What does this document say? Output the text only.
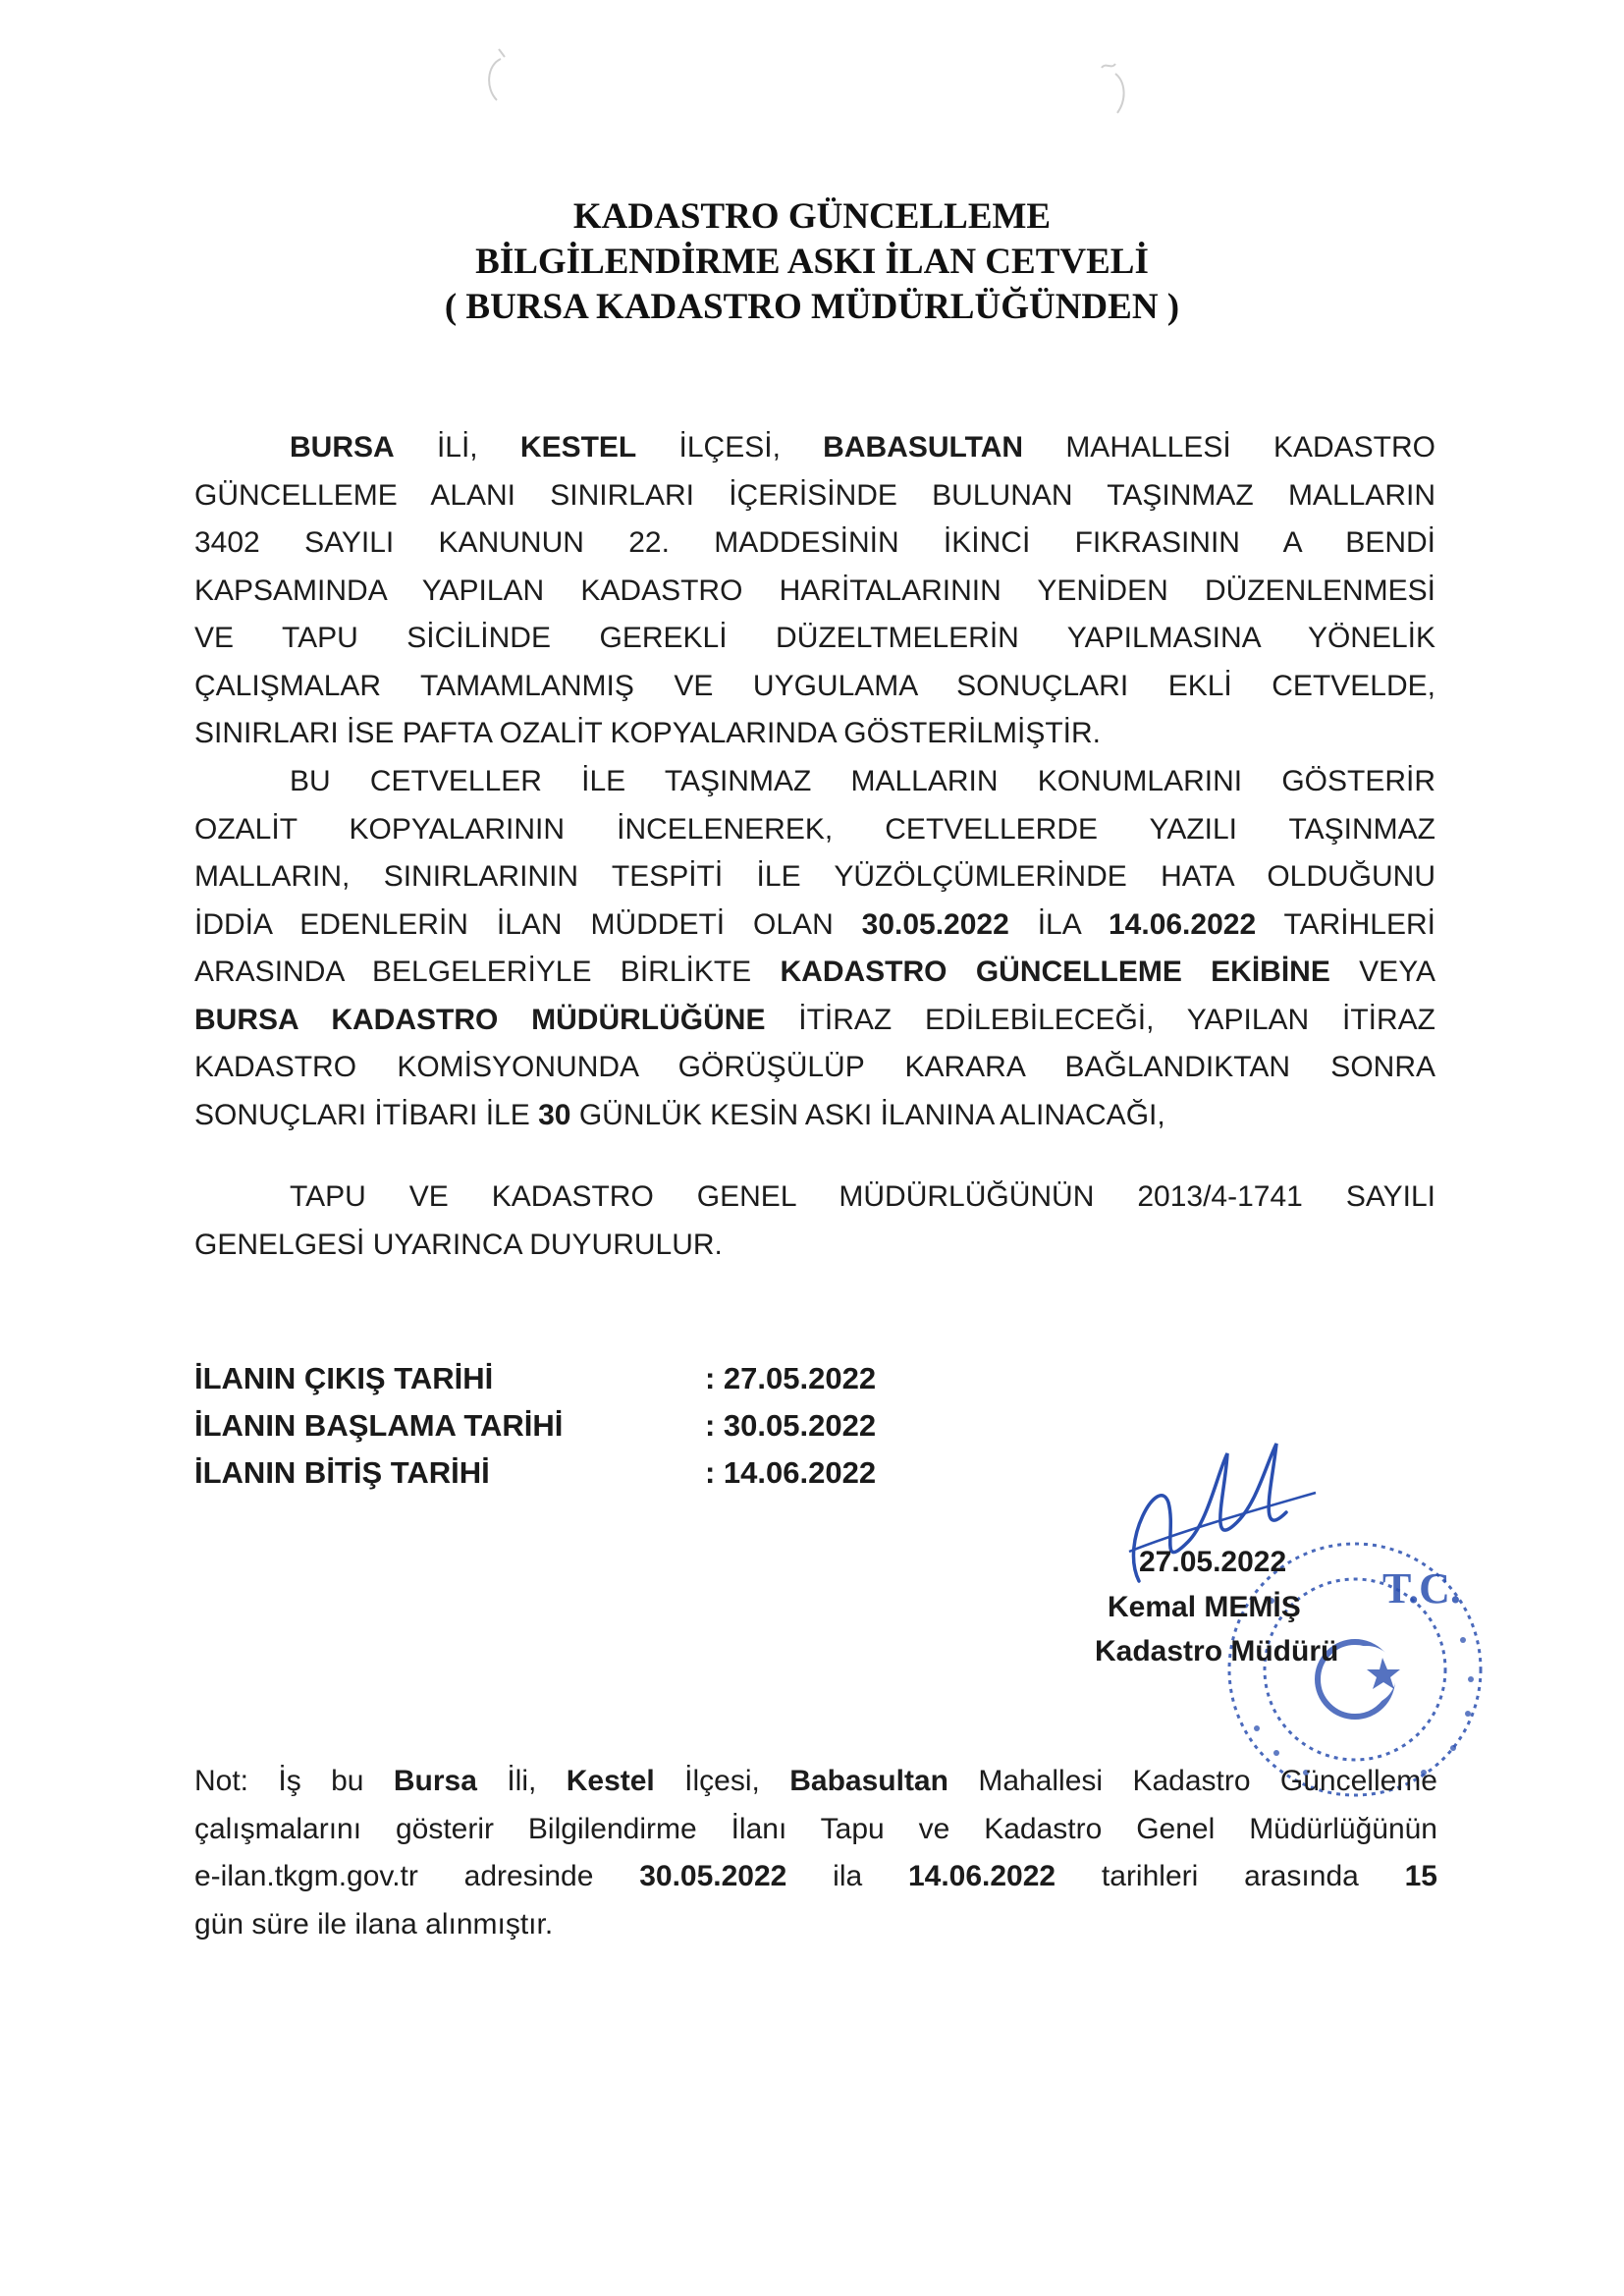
KADASTRO GÜNCELLEME
BİLGİLENDİRME ASKI İLAN CETVELİ
( BURSA KADASTRO MÜDÜRLÜĞÜNDEN )
BURSA İLİ, KESTEL İLÇESİ, BABASULTAN MAHALLESİ KADASTRO
GÜNCELLEME ALANI SINIRLARI İÇERİSİNDE BULUNAN TAŞINMAZ MALLARIN
3402 SAYILI KANUNUN 22. MADDESİNİN İKİNCİ FIKRASININ A BENDİ
KAPSAMINDA YAPILAN KADASTRO HARİTALARININ YENİDEN DÜZENLENMESİ
VE TAPU SİCİLİNDE GEREKLİ DÜZELTMELERİN YAPILMASINA YÖNELİK
ÇALIŞMALAR TAMAMLANMIŞ VE UYGULAMA SONUÇLARI EKLİ CETVELDE,
SINIRLARI İSE PAFTA OZALİT KOPYALARINDA GÖSTERİLMİŞTİR.
BU CETVELLER İLE TAŞINMAZ MALLARIN KONUMLARINI GÖSTERİR
OZALİT KOPYALARININ İNCELENEREK, CETVELLERDE YAZILI TAŞINMAZ
MALLARIN, SINIRLARININ TESPİTİ İLE YÜZÖLÇÜMLERİNDE HATA OLDUĞUNU
İDDİA EDENLERİN İLAN MÜDDETİ OLAN 30.05.2022 İLA 14.06.2022 TARİHLERİ
ARASINDA BELGELERİYLE BİRLİKTE KADASTRO GÜNCELLEME EKİBİNE VEYA
BURSA KADASTRO MÜDÜRLÜĞÜNE İTİRAZ EDİLEBİLECEĞİ, YAPILAN İTİRAZ
KADASTRO KOMİSYONUNDA GÖRÜŞÜLÜP KARARA BAĞLANDIKTAN SONRA
SONUÇLARI İTİBARI İLE 30 GÜNLÜK KESİN ASKI İLANINA ALINACAĞI,
TAPU VE KADASTRO GENEL MÜDÜRLÜĞÜNÜN 2013/4-1741 SAYILI
GENELGESİ UYARINCA DUYURULUR.
İLANIN ÇIKIŞ TARİHİ	: 27.05.2022
İLANIN BAŞLAMA TARİHİ	: 30.05.2022
İLANIN BİTİŞ TARİHİ	: 14.06.2022
T.C.
27.05.2022
Kemal MEMİŞ
Kadastro Müdürü
Not: İş bu Bursa İli, Kestel İlçesi, Babasultan Mahallesi Kadastro Güncelleme
çalışmalarını gösterir Bilgilendirme İlanı Tapu ve Kadastro Genel Müdürlüğünün
e-ilan.tkgm.gov.tr adresinde 30.05.2022 ila 14.06.2022 tarihleri arasında 15
gün süre ile ilana alınmıştır.
